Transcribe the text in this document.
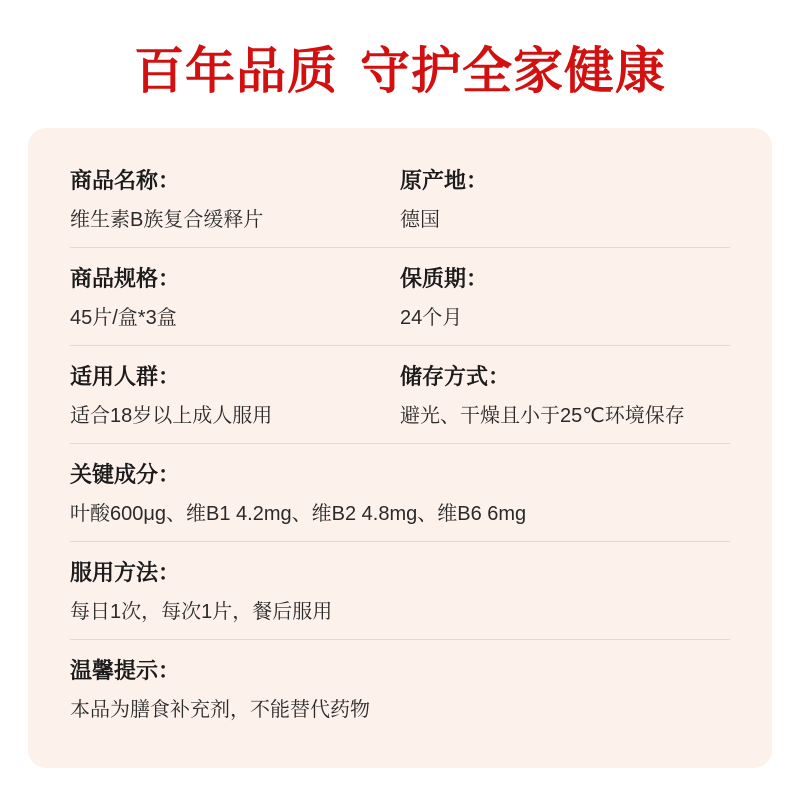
百年品质 守护全家健康
商品名称：
维生素B族复合缓释片
原产地：
德国
商品规格：
45片/盒*3盒
保质期：
24个月
适用人群：
适合18岁以上成人服用
储存方式：
避光、干燥且小于25℃环境保存
关键成分：
叶酸600μg、维B1 4.2mg、维B2 4.8mg、维B6 6mg
服用方法：
每日1次，每次1片，餐后服用
温馨提示：
本品为膳食补充剂，不能替代药物
